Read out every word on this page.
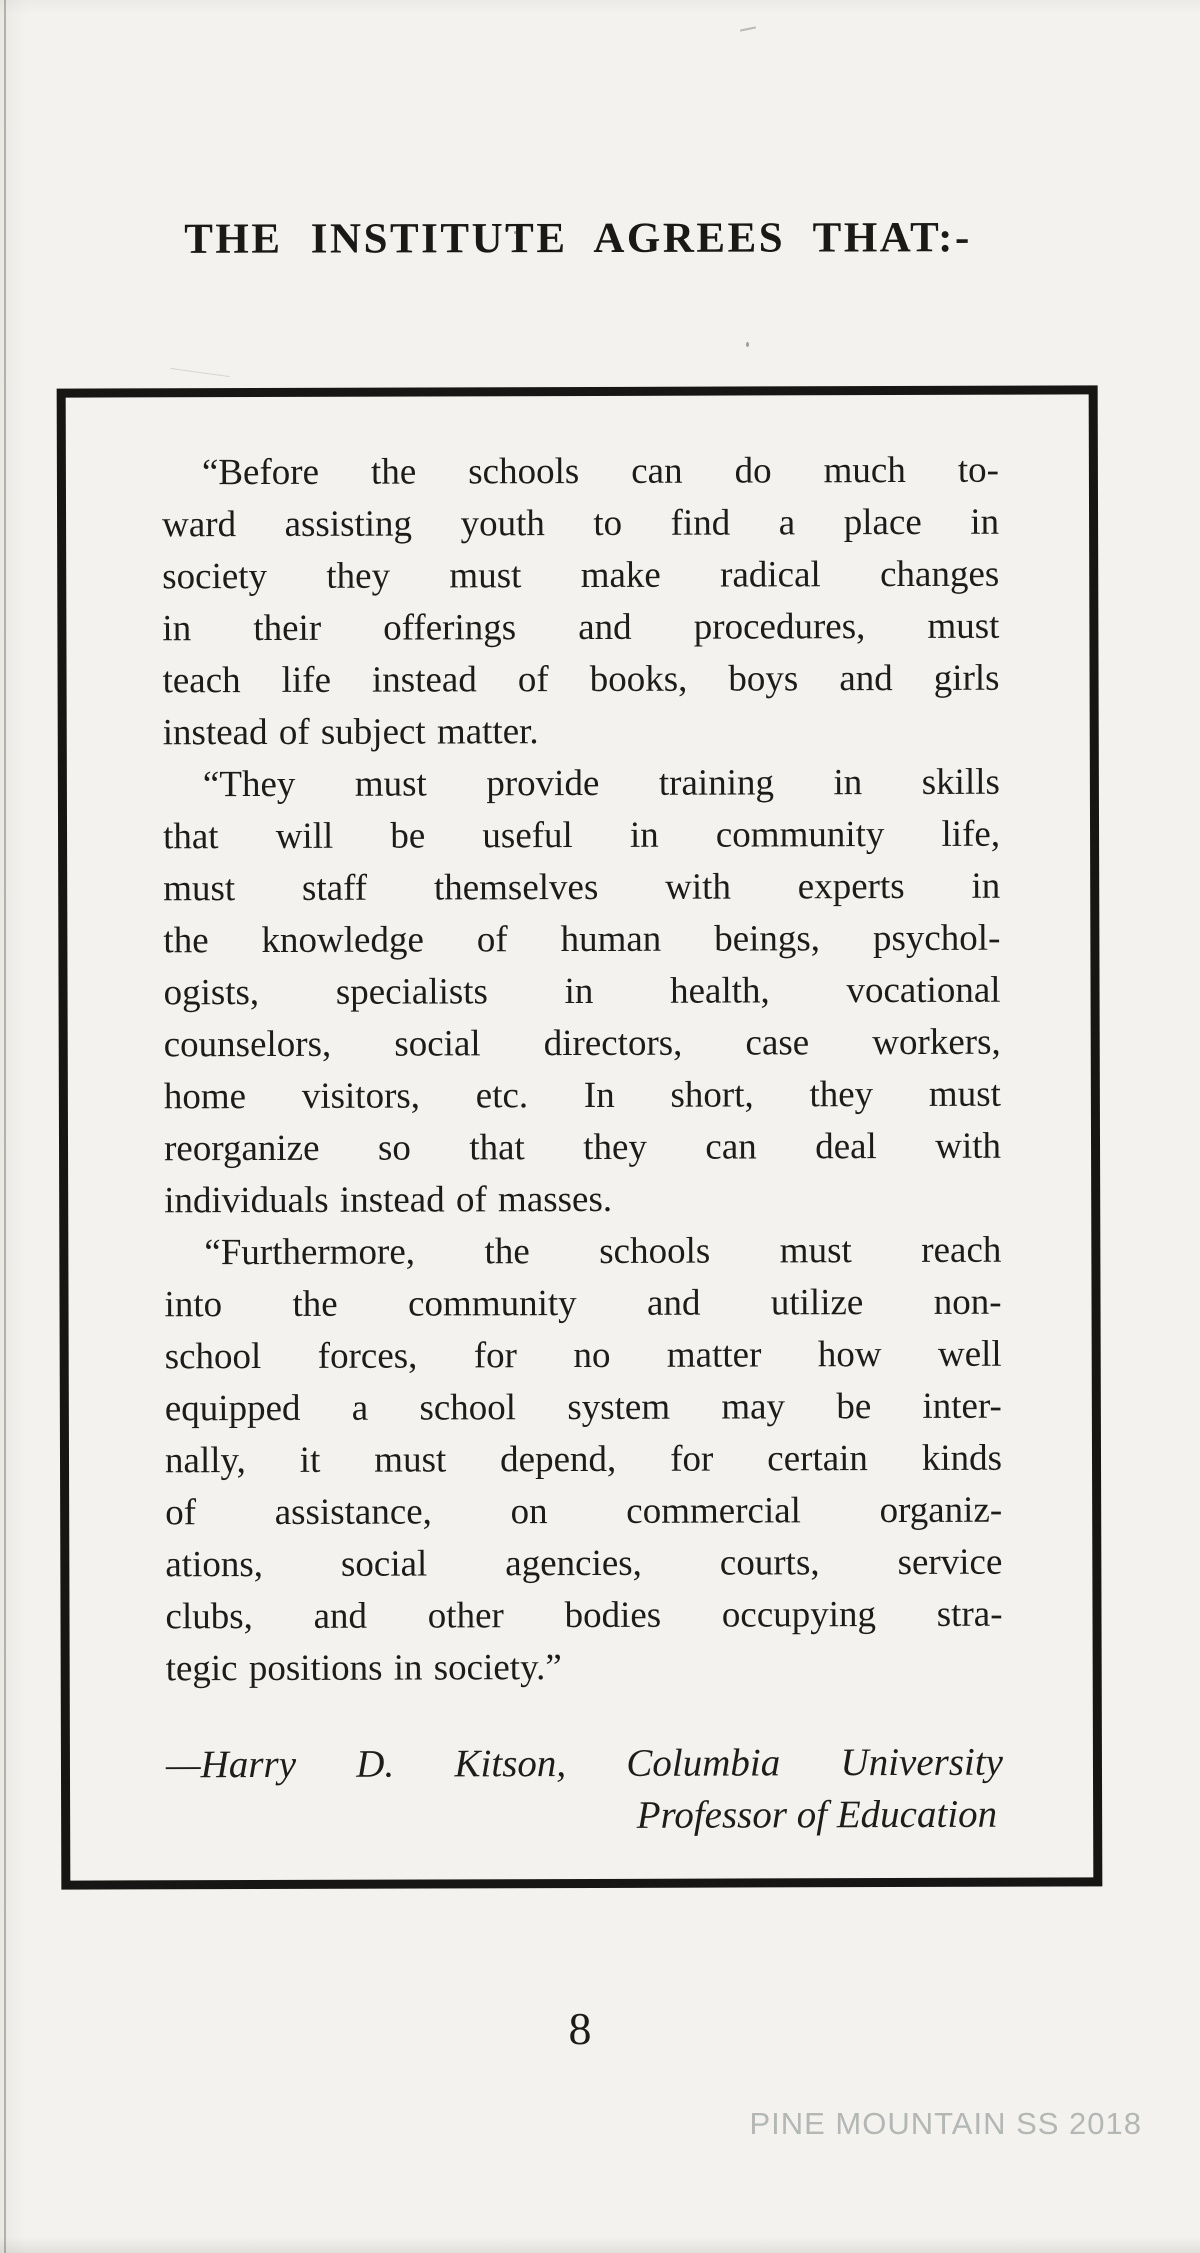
THE INSTITUTE AGREES THAT:-
“Before the schools can do much to-
ward assisting youth to find a place in
society they must make radical changes
in their offerings and procedures, must
teach life instead of books, boys and girls
instead of subject matter.
“They must provide training in skills
that will be useful in community life,
must staff themselves with experts in
the knowledge of human beings, psychol-
ogists, specialists in health, vocational
counselors, social directors, case workers,
home visitors, etc. In short, they must
reorganize so that they can deal with
individuals instead of masses.
“Furthermore, the schools must reach
into the community and utilize non-
school forces, for no matter how well
equipped a school system may be inter-
nally, it must depend, for certain kinds
of assistance, on commercial organiz-
ations, social agencies, courts, service
clubs, and other bodies occupying stra-
tegic positions in society.”
—Harry D. Kitson, Columbia University
Professor of Education
8
PINE MOUNTAIN SS 2018
